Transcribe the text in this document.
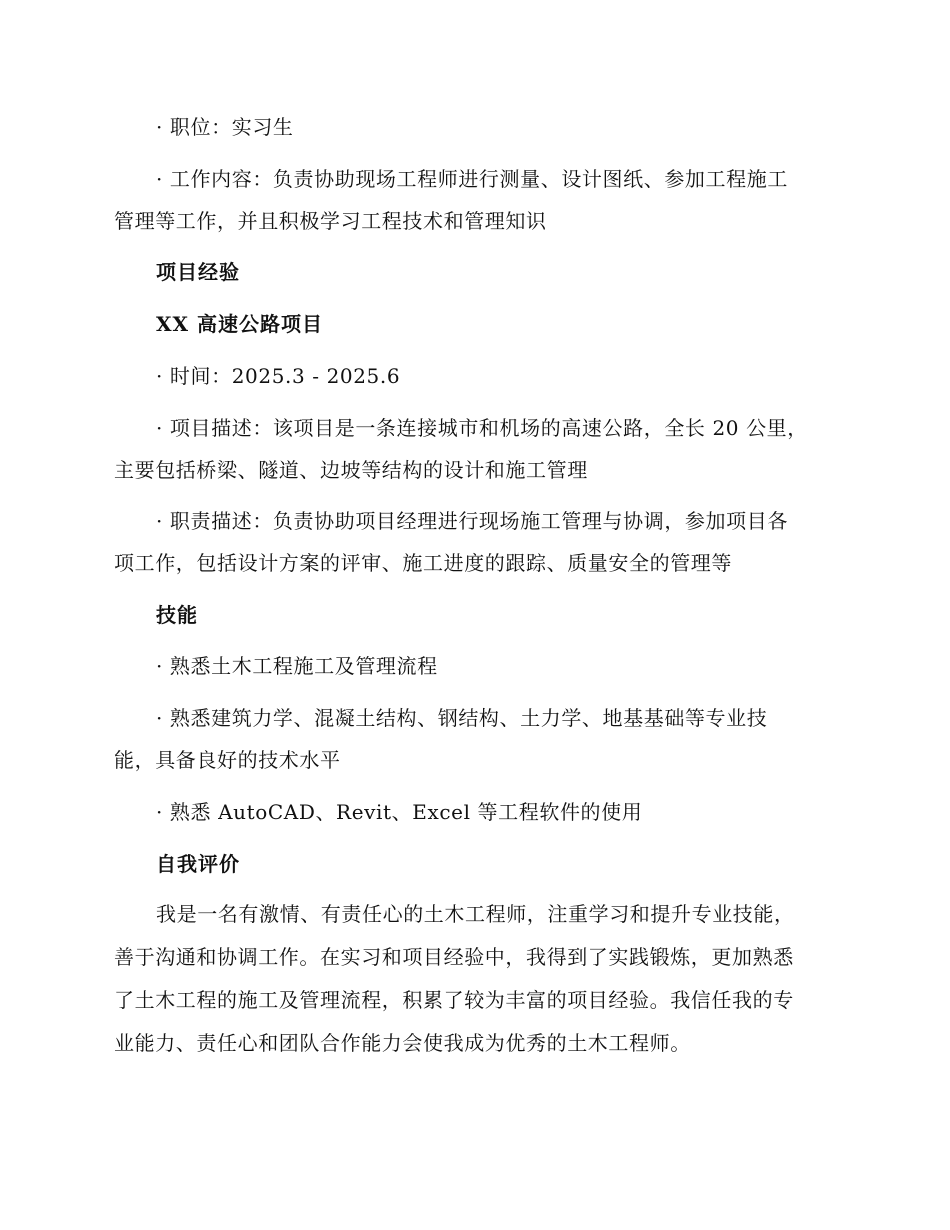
· 职位：实习生
· 工作内容：负责协助现场工程师进行测量、设计图纸、参加工程施工
管理等工作，并且积极学习工程技术和管理知识
项目经验
XX 高速公路项目
· 时间：2025.3 - 2025.6
· 项目描述：该项目是一条连接城市和机场的高速公路，全长 20 公里，
主要包括桥梁、隧道、边坡等结构的设计和施工管理
· 职责描述：负责协助项目经理进行现场施工管理与协调，参加项目各
项工作，包括设计方案的评审、施工进度的跟踪、质量安全的管理等
技能
· 熟悉土木工程施工及管理流程
· 熟悉建筑力学、混凝土结构、钢结构、土力学、地基基础等专业技
能，具备良好的技术水平
· 熟悉 AutoCAD、Revit、Excel 等工程软件的使用
自我评价
我是一名有激情、有责任心的土木工程师，注重学习和提升专业技能，
善于沟通和协调工作。在实习和项目经验中，我得到了实践锻炼，更加熟悉
了土木工程的施工及管理流程，积累了较为丰富的项目经验。我信任我的专
业能力、责任心和团队合作能力会使我成为优秀的土木工程师。
